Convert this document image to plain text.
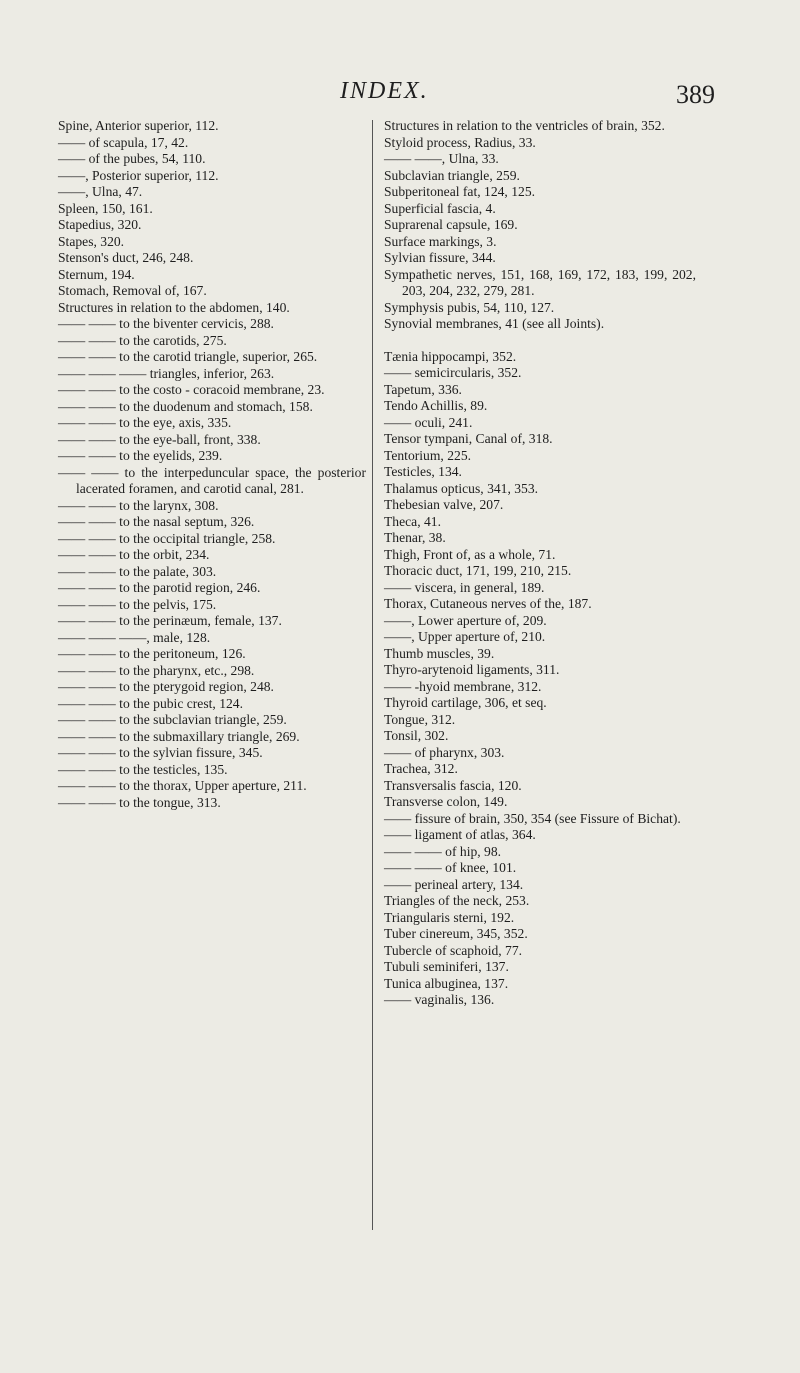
INDEX.	389

Spine, Anterior superior, 112.

—— of scapula, 17, 42.

—— of the pubes, 54, 110.

——, Posterior superior, 112.

——, Ulna, 47.

Spleen, 150, 161.

Stapedius, 320.

Stapes, 320.

Stenson's duct, 246, 248.

Sternum, 194.

Stomach, Removal of, 167.

Structures in relation to the abdomen, 140.

—— —— to the biventer cervicis, 288.

—— —— to the carotids, 275.

—— —— to the carotid triangle, superior, 265.

—— —— —— triangles, inferior, 263.

—— —— to the costo - coracoid membrane, 23.

—— —— to the duodenum and stomach, 158.

—— —— to the eye, axis, 335.

—— —— to the eye-ball, front, 338.

—— —— to the eyelids, 239.

—— —— to the interpeduncular space, the posterior lacerated foramen, and carotid canal, 281.

—— —— to the larynx, 308.

—— —— to the nasal septum, 326.

—— —— to the occipital triangle, 258.

—— —— to the orbit, 234.

—— —— to the palate, 303.

—— —— to the parotid region, 246.

—— —— to the pelvis, 175.

—— —— to the perinæum, female, 137.

—— —— ——, male, 128.

—— —— to the peritoneum, 126.

—— —— to the pharynx, etc., 298.

—— —— to the pterygoid region, 248.

—— —— to the pubic crest, 124.

—— —— to the subclavian triangle, 259.

—— —— to the submaxillary triangle, 269.

—— —— to the sylvian fissure, 345.

—— —— to the testicles, 135.

—— —— to the thorax, Upper aperture, 211.

—— —— to the tongue, 313.

Structures in relation to the ventricles of brain, 352.

Styloid process, Radius, 33.

—— ——, Ulna, 33.

Subclavian triangle, 259.

Subperitoneal fat, 124, 125.

Superficial fascia, 4.

Suprarenal capsule, 169.

Surface markings, 3.

Sylvian fissure, 344.

Sympathetic nerves, 151, 168, 169, 172, 183, 199, 202, 203, 204, 232, 279, 281.

Symphysis pubis, 54, 110, 127.

Synovial membranes, 41 (see all Joints).

Tænia hippocampi, 352.

—— semicircularis, 352.

Tapetum, 336.

Tendo Achillis, 89.

—— oculi, 241.

Tensor tympani, Canal of, 318.

Tentorium, 225.

Testicles, 134.

Thalamus opticus, 341, 353.

Thebesian valve, 207.

Theca, 41.

Thenar, 38.

Thigh, Front of, as a whole, 71.

Thoracic duct, 171, 199, 210, 215.

—— viscera, in general, 189.

Thorax, Cutaneous nerves of the, 187.

——, Lower aperture of, 209.

——, Upper aperture of, 210.

Thumb muscles, 39.

Thyro-arytenoid ligaments, 311.

—— -hyoid membrane, 312.

Thyroid cartilage, 306, et seq.

Tongue, 312.

Tonsil, 302.

—— of pharynx, 303.

Trachea, 312.

Transversalis fascia, 120.

Transverse colon, 149.

—— fissure of brain, 350, 354 (see Fissure of Bichat).

—— ligament of atlas, 364.

—— —— of hip, 98.

—— —— of knee, 101.

—— perineal artery, 134.

Triangles of the neck, 253.

Triangularis sterni, 192.

Tuber cinereum, 345, 352.

Tubercle of scaphoid, 77.

Tubuli seminiferi, 137.

Tunica albuginea, 137.

—— vaginalis, 136.
